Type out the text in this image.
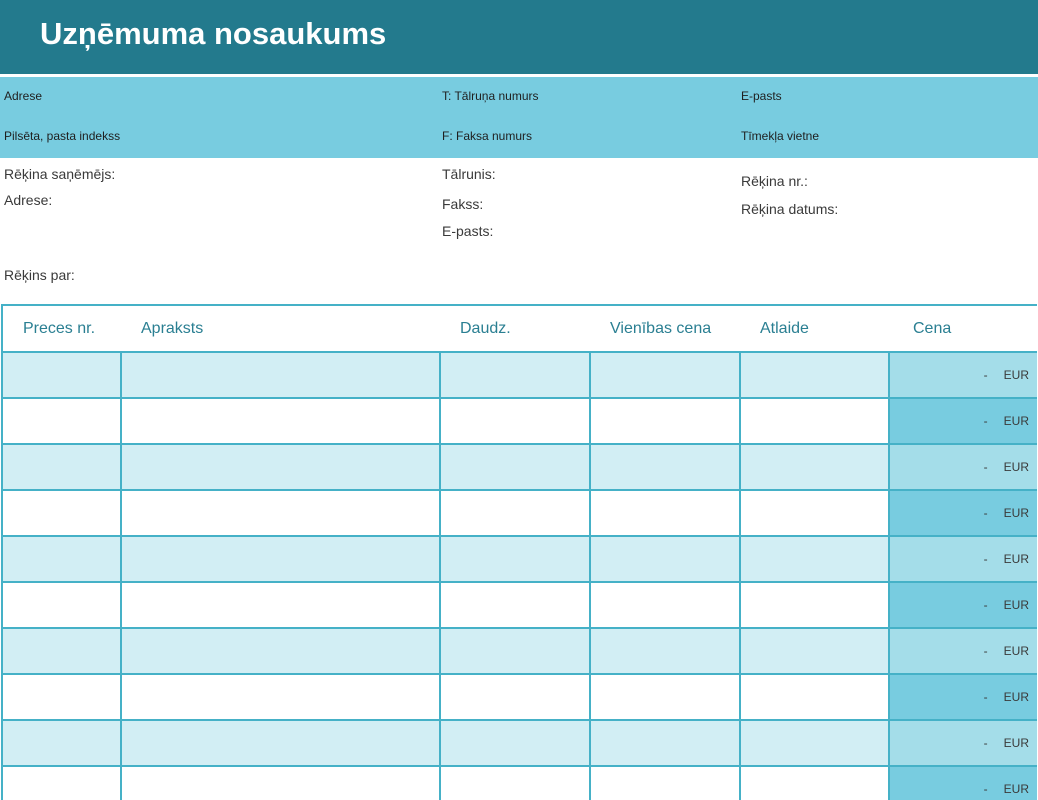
Uzņēmuma nosaukums
Adrese	T: Tālruņa numurs	E-pasts
Pilsēta, pasta indekss	F: Faksa numurs	Tīmekļa vietne
Rēķina saņēmējs:
Adrese:
Tālrunis:
Fakss:
E-pasts:
Rēķina nr.:
Rēķina datums:
Rēķins par:
Preces nr.	Apraksts	Daudz.	Vienības cena	Atlaide	Cena
					- EUR
					- EUR
					- EUR
					- EUR
					- EUR
					- EUR
					- EUR
					- EUR
					- EUR
					- EUR
